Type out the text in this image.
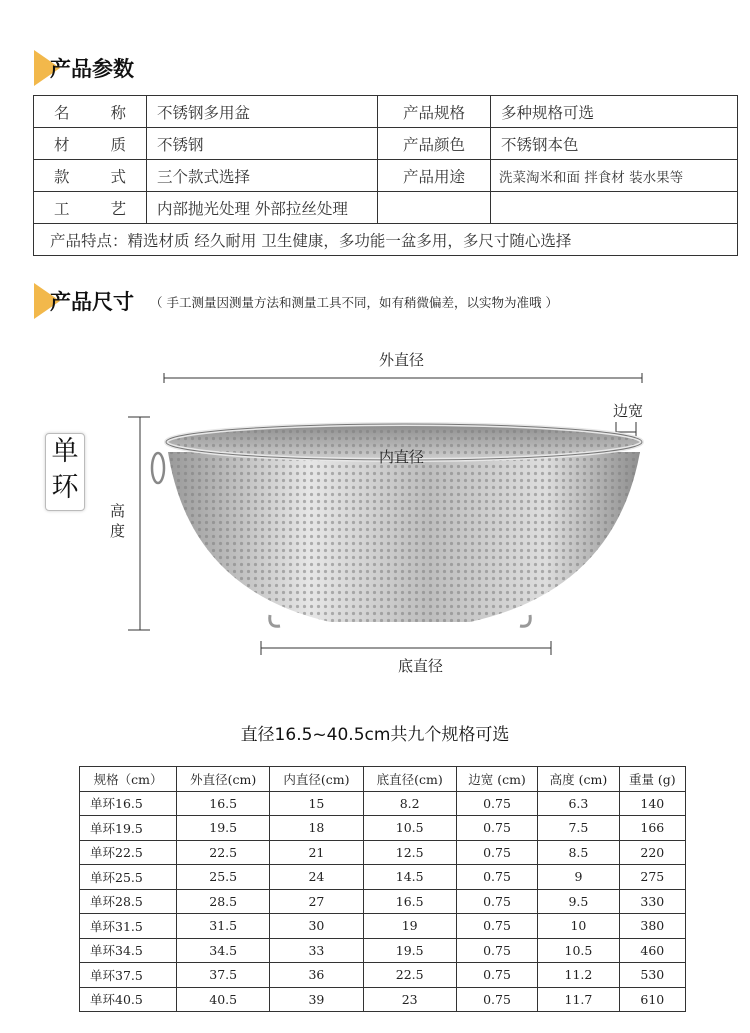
产品参数
名称	不锈钢多用盆	产品规格	多种规格可选
材质	不锈钢	产品颜色	不锈钢本色
款式	三个款式选择	产品用途	洗菜淘米和面 拌食材 装水果等
工艺	内部抛光处理 外部拉丝处理		
产品特点：精选材质 经久耐用 卫生健康，多功能一盆多用，多尺寸随心选择			
产品尺寸 （ 手工测量因测量方法和测量工具不同，如有稍微偏差，以实物为准哦 ）
外直径
边宽
内直径
高
度
底直径
单
环
直径16.5~40.5cm共九个规格可选
规格（cm）	外直径(cm)	内直径(cm)	底直径(cm)	边宽 (cm)	高度 (cm)	重量 (g)
单环16.5	16.5	15	8.2	0.75	6.3	140
单环19.5	19.5	18	10.5	0.75	7.5	166
单环22.5	22.5	21	12.5	0.75	8.5	220
单环25.5	25.5	24	14.5	0.75	9	275
单环28.5	28.5	27	16.5	0.75	9.5	330
单环31.5	31.5	30	19	0.75	10	380
单环34.5	34.5	33	19.5	0.75	10.5	460
单环37.5	37.5	36	22.5	0.75	11.2	530
单环40.5	40.5	39	23	0.75	11.7	610
